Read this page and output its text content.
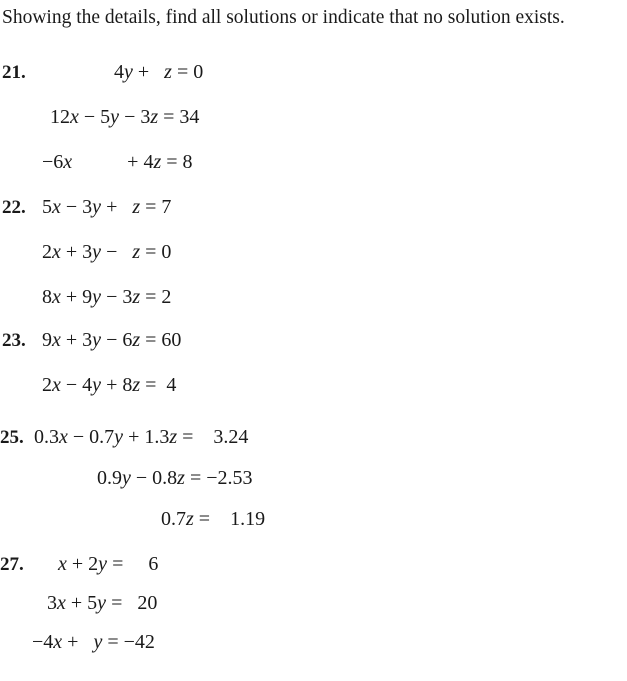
Showing the details, find all solutions or indicate that no solution exists.
21.	4y +   z = 0
12x − 5y − 3z = 34
−6x           + 4z = 8
22. 5x − 3y +   z = 7
2x + 3y −   z = 0
8x + 9y − 3z = 2
23. 9x + 3y − 6z = 60
2x − 4y + 8z =  4
25. 0.3x − 0.7y + 1.3z =    3.24
0.9y − 0.8z = −2.53
0.7z =    1.19
27. x + 2y =     6
3x + 5y =   20
−4x +   y = −42
